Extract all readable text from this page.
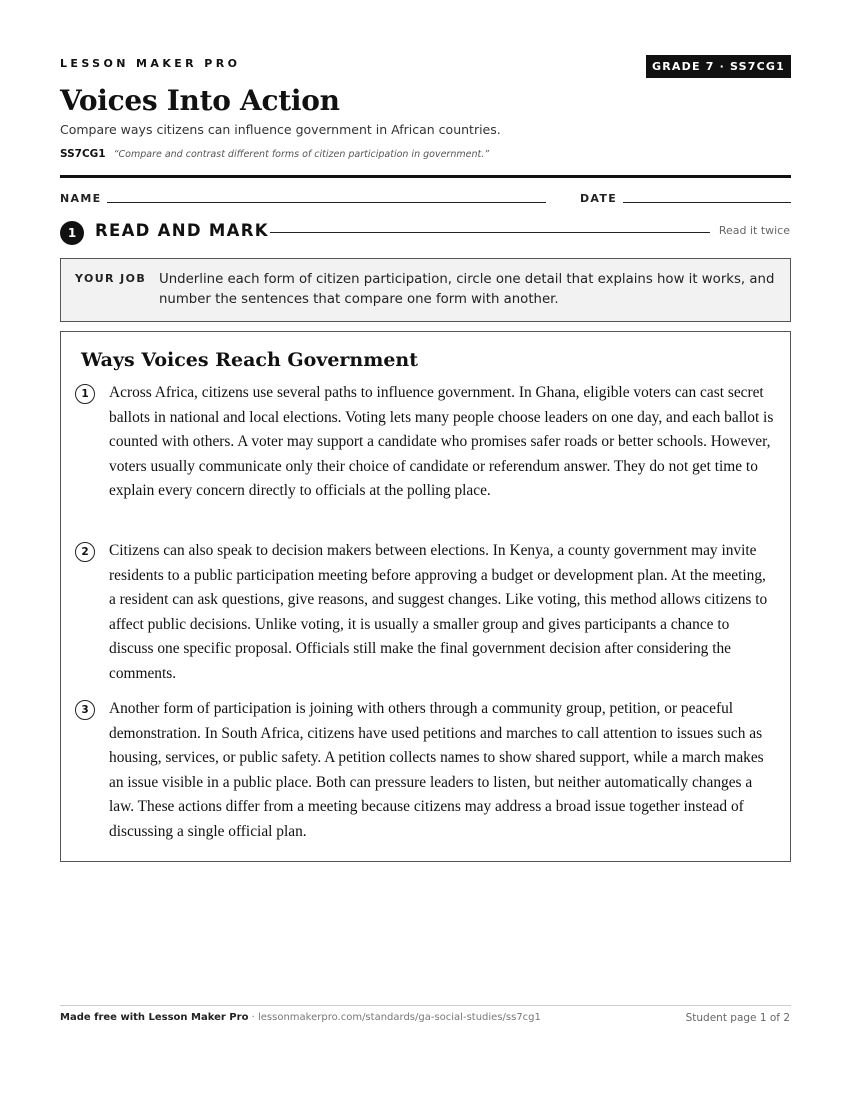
LESSON MAKER PRO	GRADE 7 · SS7CG1
Voices Into Action
Compare ways citizens can influence government in African countries.
SS7CG1 “Compare and contrast different forms of citizen participation in government.”
NAME	DATE
1	READ AND MARK	Read it twice
YOUR JOB Underline each form of citizen participation, circle one detail that explains how it works, and number the sentences that compare one form with another.
Ways Voices Reach Government
1	Across Africa, citizens use several paths to influence government. In Ghana, eligible voters can cast secret ballots in national and local elections. Voting lets many people choose leaders on one day, and each ballot is counted with others. A voter may support a candidate who promises safer roads or better schools. However, voters usually communicate only their choice of candidate or referendum answer. They do not get time to explain every concern directly to officials at the polling place.
2	Citizens can also speak to decision makers between elections. In Kenya, a county government may invite residents to a public participation meeting before approving a budget or development plan. At the meeting, a resident can ask questions, give reasons, and suggest changes. Like voting, this method allows citizens to affect public decisions. Unlike voting, it is usually a smaller group and gives participants a chance to discuss one specific proposal. Officials still make the final government decision after considering the comments.
3	Another form of participation is joining with others through a community group, petition, or peaceful demonstration. In South Africa, citizens have used petitions and marches to call attention to issues such as housing, services, or public safety. A petition collects names to show shared support, while a march makes an issue visible in a public place. Both can pressure leaders to listen, but neither automatically changes a law. These actions differ from a meeting because citizens may address a broad issue together instead of discussing a single official plan.
Made free with Lesson Maker Pro · lessonmakerpro.com/standards/ga-social-studies/ss7cg1	Student page 1 of 2
